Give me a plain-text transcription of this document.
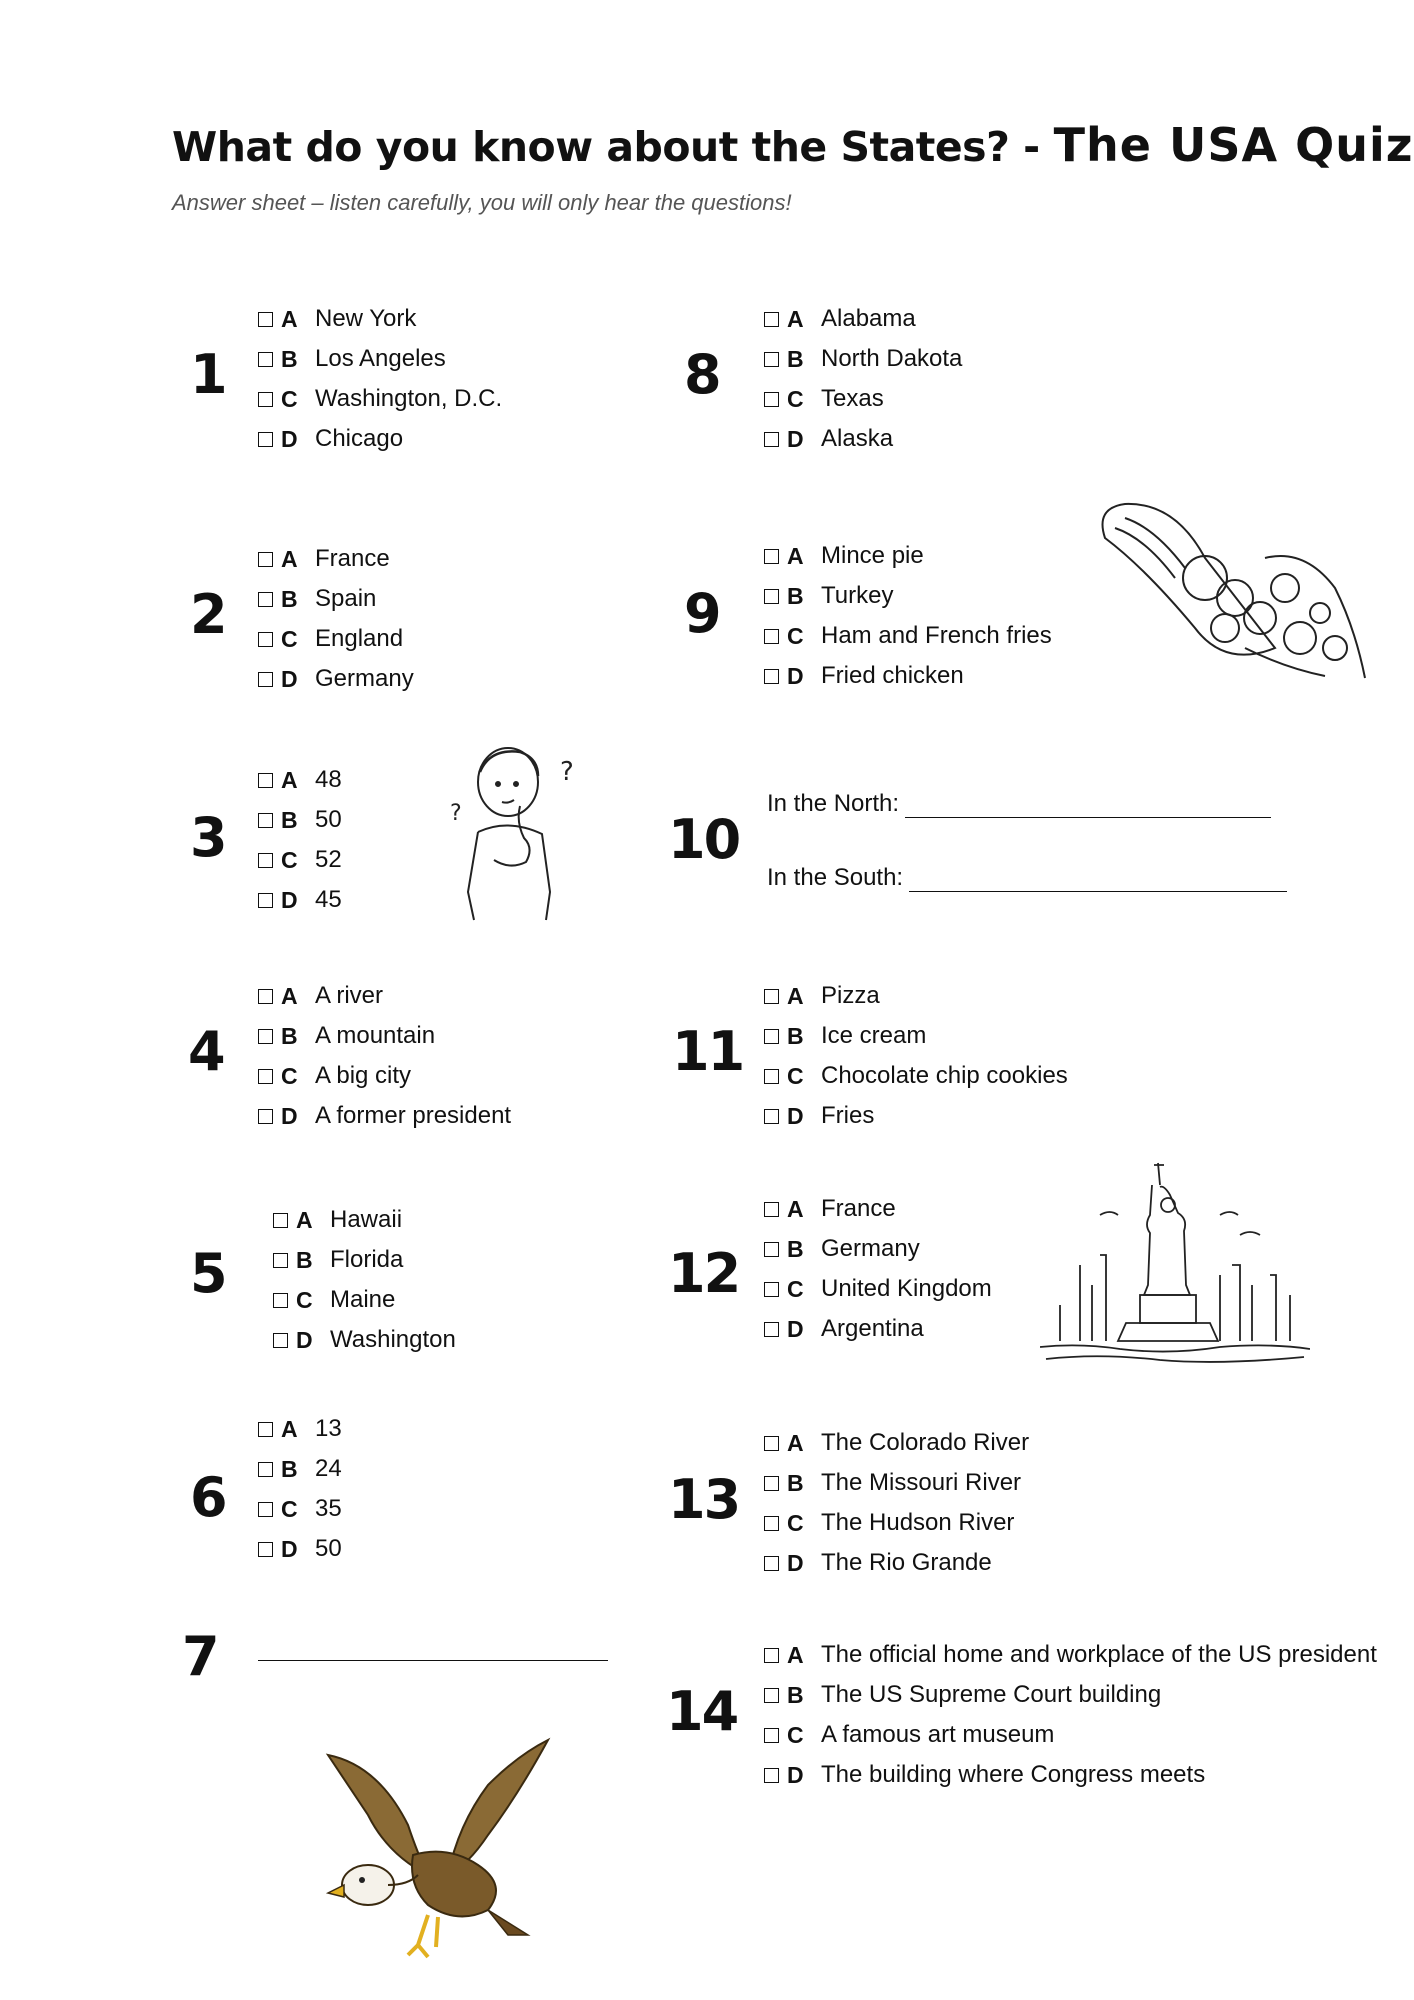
What do you know about the States? - The USA Quiz
Answer sheet – listen carefully, you will only hear the questions!
1
A New York
B Los Angeles
C Washington, D.C.
D Chicago
2
A France
B Spain
C England
D Germany
3
A 48
B 50
C 52
D 45
4
A A river
B A mountain
C A big city
D A former president
5
A Hawaii
B Florida
C Maine
D Washington
6
A 13
B 24
C 35
D 50
7
8
A Alabama
B North Dakota
C Texas
D Alaska
9
A Mince pie
B Turkey
C Ham and French fries
D Fried chicken
10
In the North:
In the South:
11
A Pizza
B Ice cream
C Chocolate chip cookies
D Fries
12
A France
B Germany
C United Kingdom
D Argentina
13
A The Colorado River
B The Missouri River
C The Hudson River
D The Rio Grande
14
A The official home and workplace of the US president
B The US Supreme Court building
C A famous art museum
D The building where Congress meets
?
?
